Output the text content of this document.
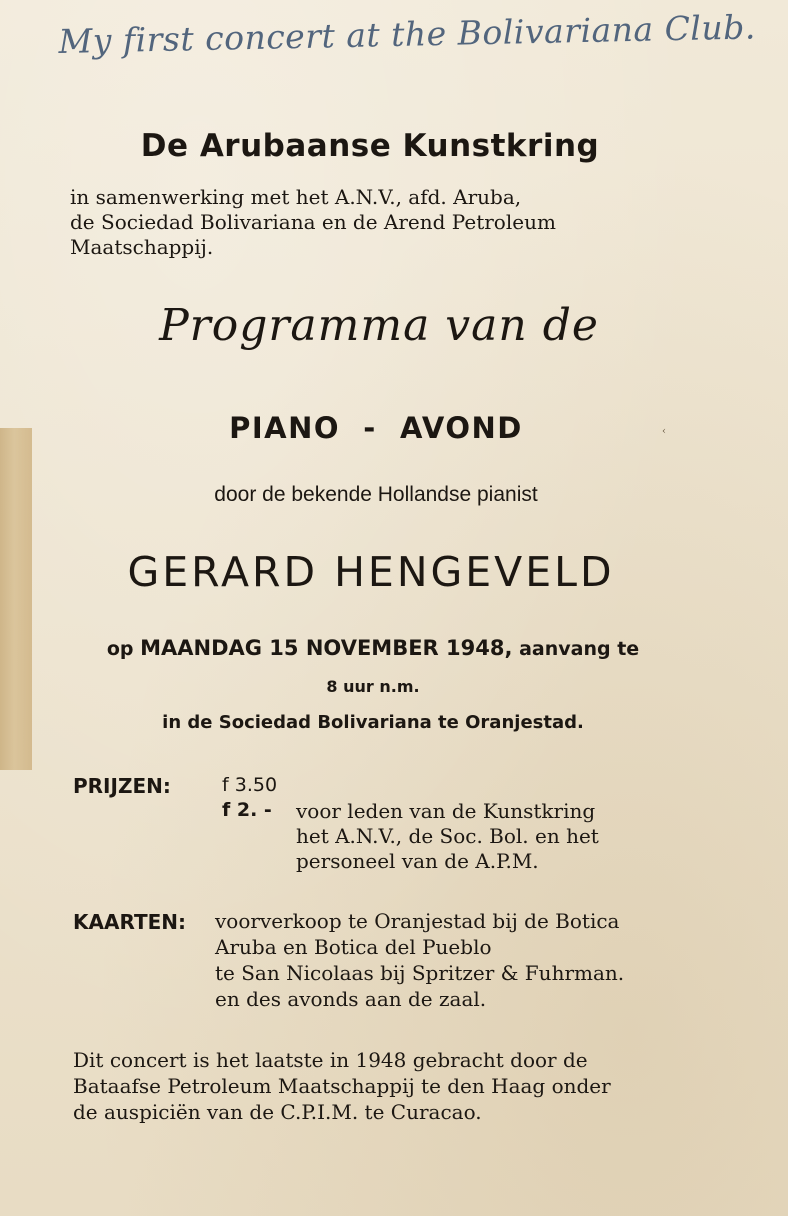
‹
My first concert at the Bolivariana Club.
De Arubaanse Kunstkring
in samenwerking met het A.N.V., afd. Aruba,
de Sociedad Bolivariana en de Arend Petroleum
Maatschappij.
Programma van de
PIANO  -  AVOND
door de bekende Hollandse pianist
GERARD HENGEVELD
op MAANDAG 15 NOVEMBER 1948, aanvang te
8 uur n.m.
in de Sociedad Bolivariana te Oranjestad.
PRIJZEN:	f 3.50
f 2. - voor leden van de Kunstkring
het A.N.V., de Soc. Bol. en het
personeel van de A.P.M.
KAARTEN: voorverkoop te Oranjestad bij de Botica
Aruba en Botica del Pueblo
te San Nicolaas bij Spritzer & Fuhrman.
en des avonds aan de zaal.
Dit concert is het laatste in 1948 gebracht door de
Bataafse Petroleum Maatschappij te den Haag onder
de auspiciën van de C.P.I.M. te Curacao.
